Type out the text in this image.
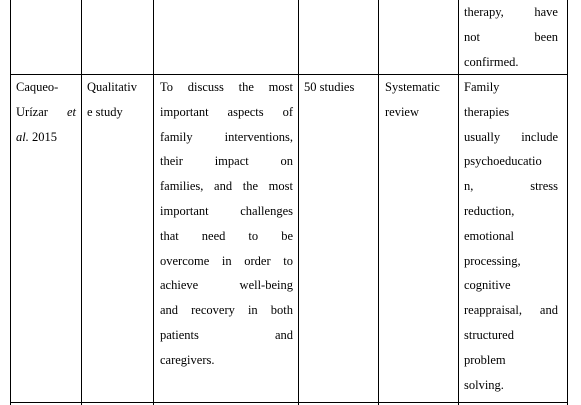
therapy, have
not been
confirmed.
Caqueo-
Urízar et
al. 2015
Qualitativ
e study
To discuss the most
important aspects of
family interventions,
their impact on
families, and the most
important challenges
that need to be
overcome in order to
achieve well-being
and recovery in both
patients and
caregivers.
50 studies	Systematic
review
Family
therapies
usually include
psychoeducatio
n, stress
reduction,
emotional
processing,
cognitive
reappraisal, and
structured
problem
solving.
